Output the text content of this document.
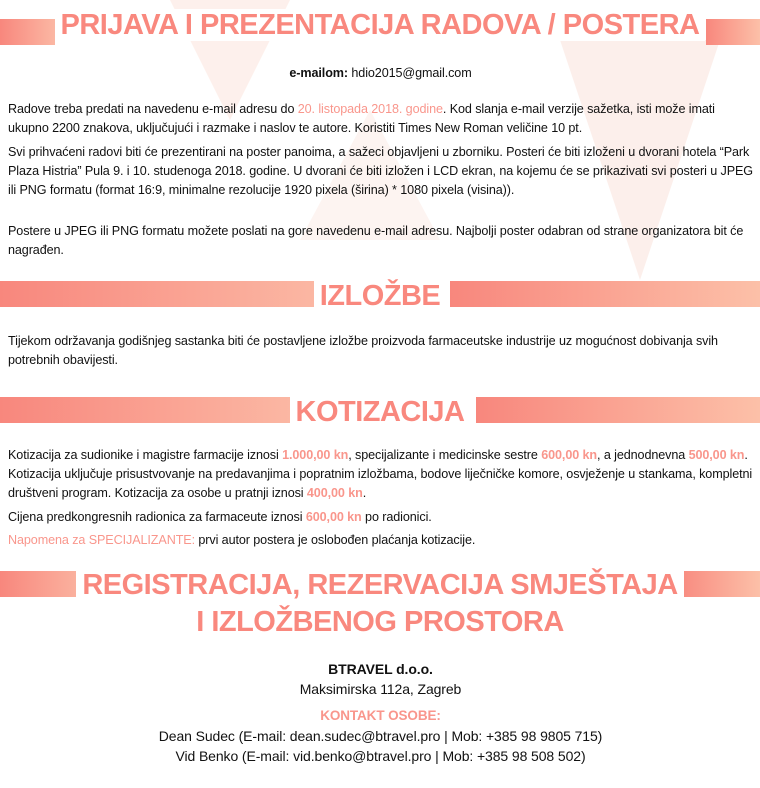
PRIJAVA I PREZENTACIJA RADOVA / POSTERA
e-mailom: hdio2015@gmail.com
Radove treba predati na navedenu e-mail adresu do 20. listopada 2018. godine. Kod slanja e-mail verzije sažetka, isti može imati ukupno 2200 znakova, uključujući i razmake i naslov te autore. Koristiti Times New Roman veličine 10 pt.
Svi prihvaćeni radovi biti će prezentirani na poster panoima, a sažeci objavljeni u zborniku. Posteri će biti izloženi u dvorani hotela “Park Plaza Histria” Pula 9. i 10. studenoga 2018. godine. U dvorani će biti izložen i LCD ekran, na kojemu će se prikazivati svi posteri u JPEG ili PNG formatu (format 16:9, minimalne rezolucije 1920 pixela (širina) * 1080 pixela (visina)).
Postere u JPEG ili PNG formatu možete poslati na gore navedenu e-mail adresu. Najbolji poster odabran od strane organizatora bit će nagrađen.
IZLOŽBE
Tijekom održavanja godišnjeg sastanka biti će postavljene izložbe proizvoda farmaceutske industrije uz mogućnost dobivanja svih potrebnih obavijesti.
KOTIZACIJA
Kotizacija za sudionike i magistre farmacije iznosi 1.000,00 kn, specijalizante i medicinske sestre 600,00 kn, a jednodnevna 500,00 kn. Kotizacija uključuje prisustvovanje na predavanjima i popratnim izložbama, bodove liječničke komore, osvježenje u stankama, kompletni društveni program. Kotizacija za osobe u pratnji iznosi 400,00 kn.
Cijena predkongresnih radionica za farmaceute iznosi 600,00 kn po radionici.
Napomena za SPECIJALIZANTE: prvi autor postera je oslobođen plaćanja kotizacije.
REGISTRACIJA, REZERVACIJA SMJEŠTAJA
I IZLOŽBENOG PROSTORA
BTRAVEL d.o.o.
Maksimirska 112a, Zagreb
KONTAKT OSOBE:
Dean Sudec (E-mail: dean.sudec@btravel.pro | Mob: +385 98 9805 715)
Vid Benko (E-mail: vid.benko@btravel.pro | Mob: +385 98 508 502)
